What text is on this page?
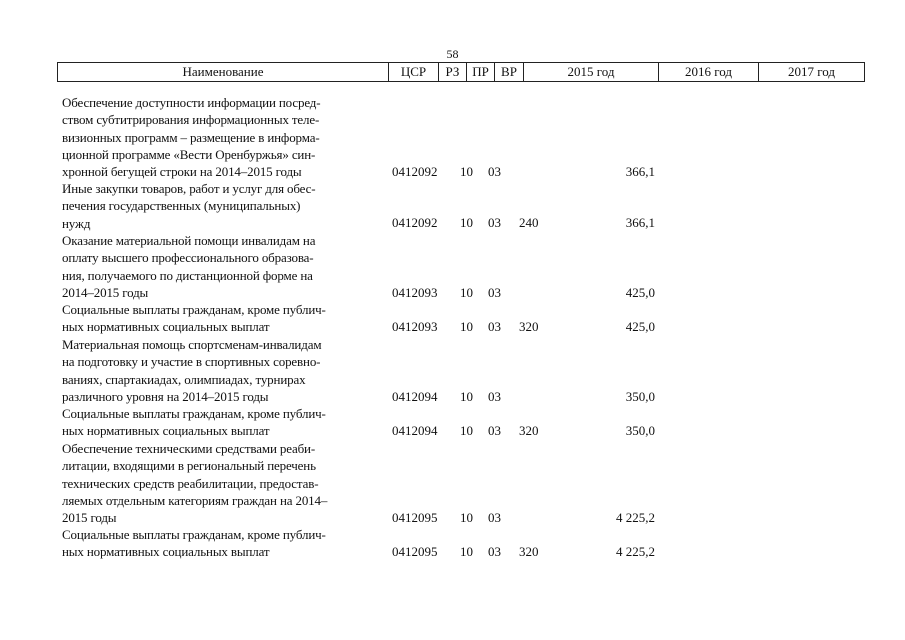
58
Наименование	ЦСР	РЗ ПР ВР	2015 год	2016 год	2017 год
Обеспечение доступности информации посред-
ством субтитрирования информационных теле-
визионных программ – размещение в информа-
ционной программе «Вести Оренбуржья» син-
хронной бегущей строки на 2014–2015 годы	0412092 10 03	366,1
Иные закупки товаров, работ и услуг для обес-
печения государственных (муниципальных)
нужд	0412092 10 03 240	366,1
Оказание материальной помощи инвалидам на
оплату высшего профессионального образова-
ния, получаемого по дистанционной форме на
2014–2015 годы	0412093 10 03	425,0
Социальные выплаты гражданам, кроме публич-
ных нормативных социальных выплат	0412093 10 03 320	425,0
Материальная помощь спортсменам-инвалидам
на подготовку и участие в спортивных соревно-
ваниях, спартакиадах, олимпиадах, турнирах
различного уровня на 2014–2015 годы	0412094 10 03	350,0
Социальные выплаты гражданам, кроме публич-
ных нормативных социальных выплат	0412094 10 03 320	350,0
Обеспечение техническими средствами реаби-
литации, входящими в региональный перечень
технических средств реабилитации, предостав-
ляемых отдельным категориям граждан на 2014–
2015 годы	0412095 10 03	4 225,2
Социальные выплаты гражданам, кроме публич-
ных нормативных социальных выплат	0412095 10 03 320	4 225,2
